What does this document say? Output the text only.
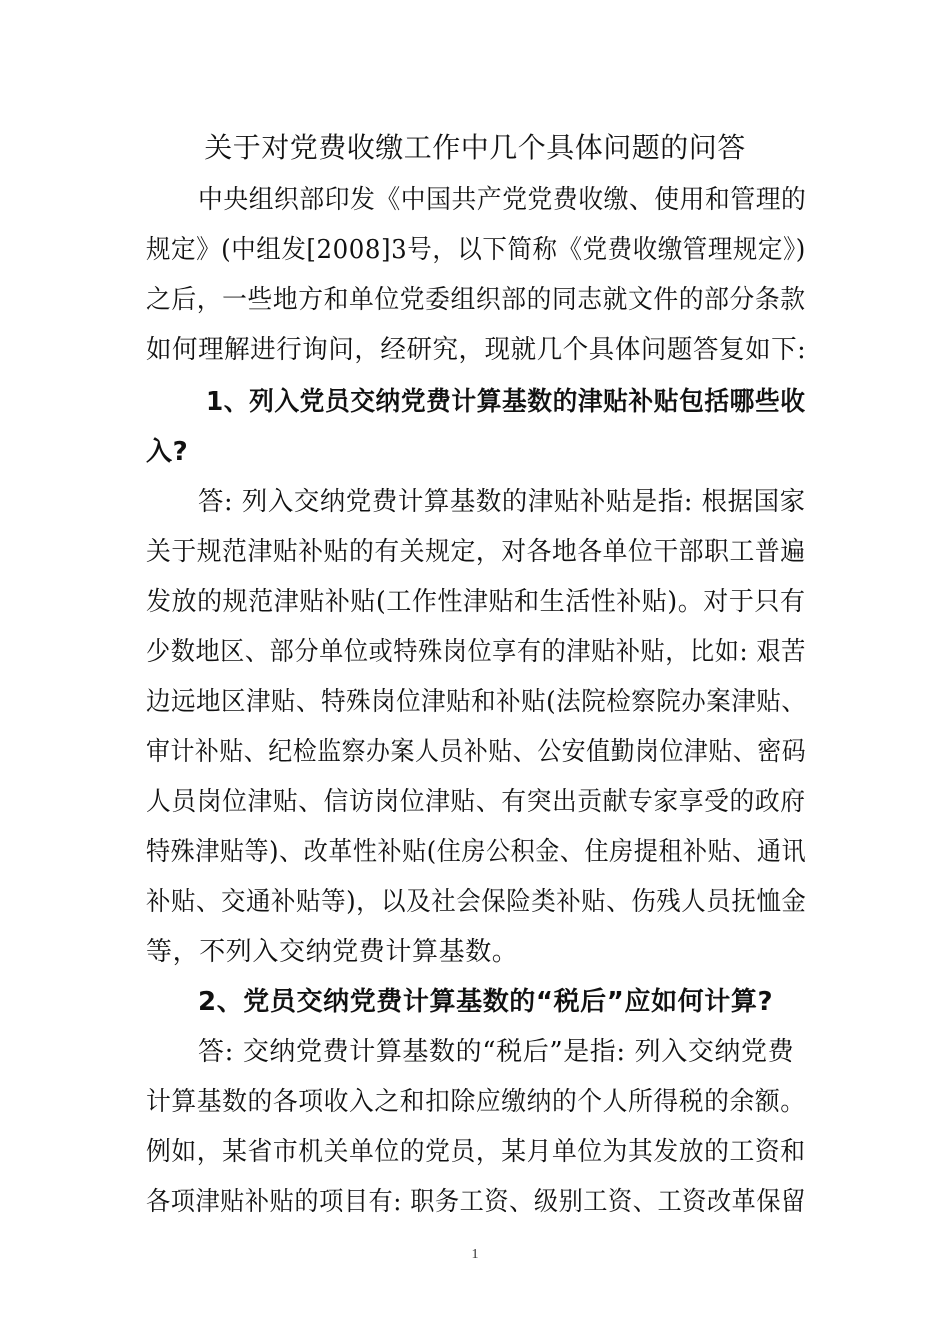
关于对党费收缴工作中几个具体问题的问答
中央组织部印发《中国共产党党费收缴、使用和管理的
规定》(中组发[2008]3号，以下简称《党费收缴管理规定》)
之后，一些地方和单位党委组织部的同志就文件的部分条款
如何理解进行询问，经研究，现就几个具体问题答复如下:
1、列入党员交纳党费计算基数的津贴补贴包括哪些收
入?
答: 列入交纳党费计算基数的津贴补贴是指: 根据国家
关于规范津贴补贴的有关规定，对各地各单位干部职工普遍
发放的规范津贴补贴(工作性津贴和生活性补贴)。对于只有
少数地区、部分单位或特殊岗位享有的津贴补贴，比如: 艰苦
边远地区津贴、特殊岗位津贴和补贴(法院检察院办案津贴、
审计补贴、纪检监察办案人员补贴、公安值勤岗位津贴、密码
人员岗位津贴、信访岗位津贴、有突出贡献专家享受的政府
特殊津贴等)、改革性补贴(住房公积金、住房提租补贴、通讯
补贴、交通补贴等)，以及社会保险类补贴、伤残人员抚恤金
等，不列入交纳党费计算基数。
2、党员交纳党费计算基数的“税后”应如何计算?
答: 交纳党费计算基数的“税后”是指: 列入交纳党费
计算基数的各项收入之和扣除应缴纳的个人所得税的余额。
例如，某省市机关单位的党员，某月单位为其发放的工资和
各项津贴补贴的项目有: 职务工资、级别工资、工资改革保留
1
